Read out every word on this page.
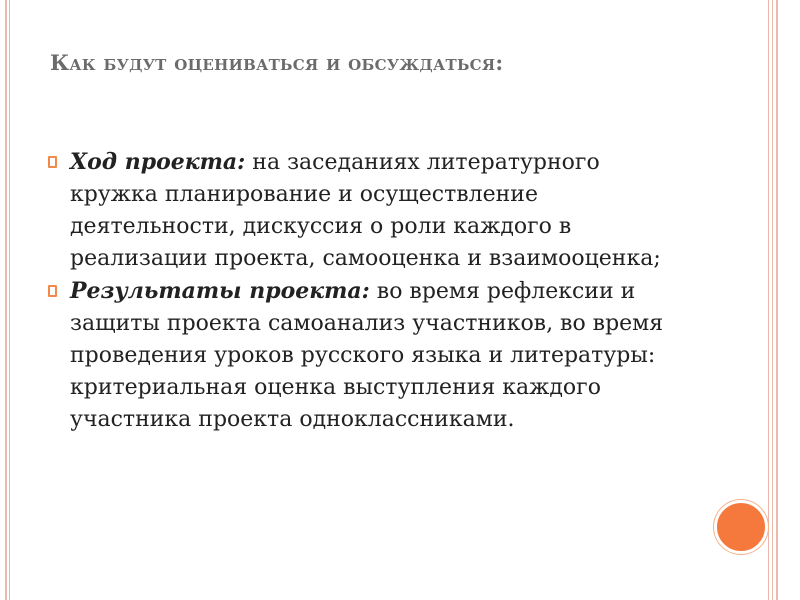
Как будут оцениваться и обсуждаться:

Ход проекта: на заседаниях литературного кружка планирование и осуществление деятельности, дискуссия о роли каждого в реализации проекта, самооценка и взаимооценка;

Результаты проекта: во время рефлексии и защиты проекта самоанализ участников, во время проведения уроков русского языка и литературы: критериальная оценка выступления каждого участника проекта одноклассниками.
